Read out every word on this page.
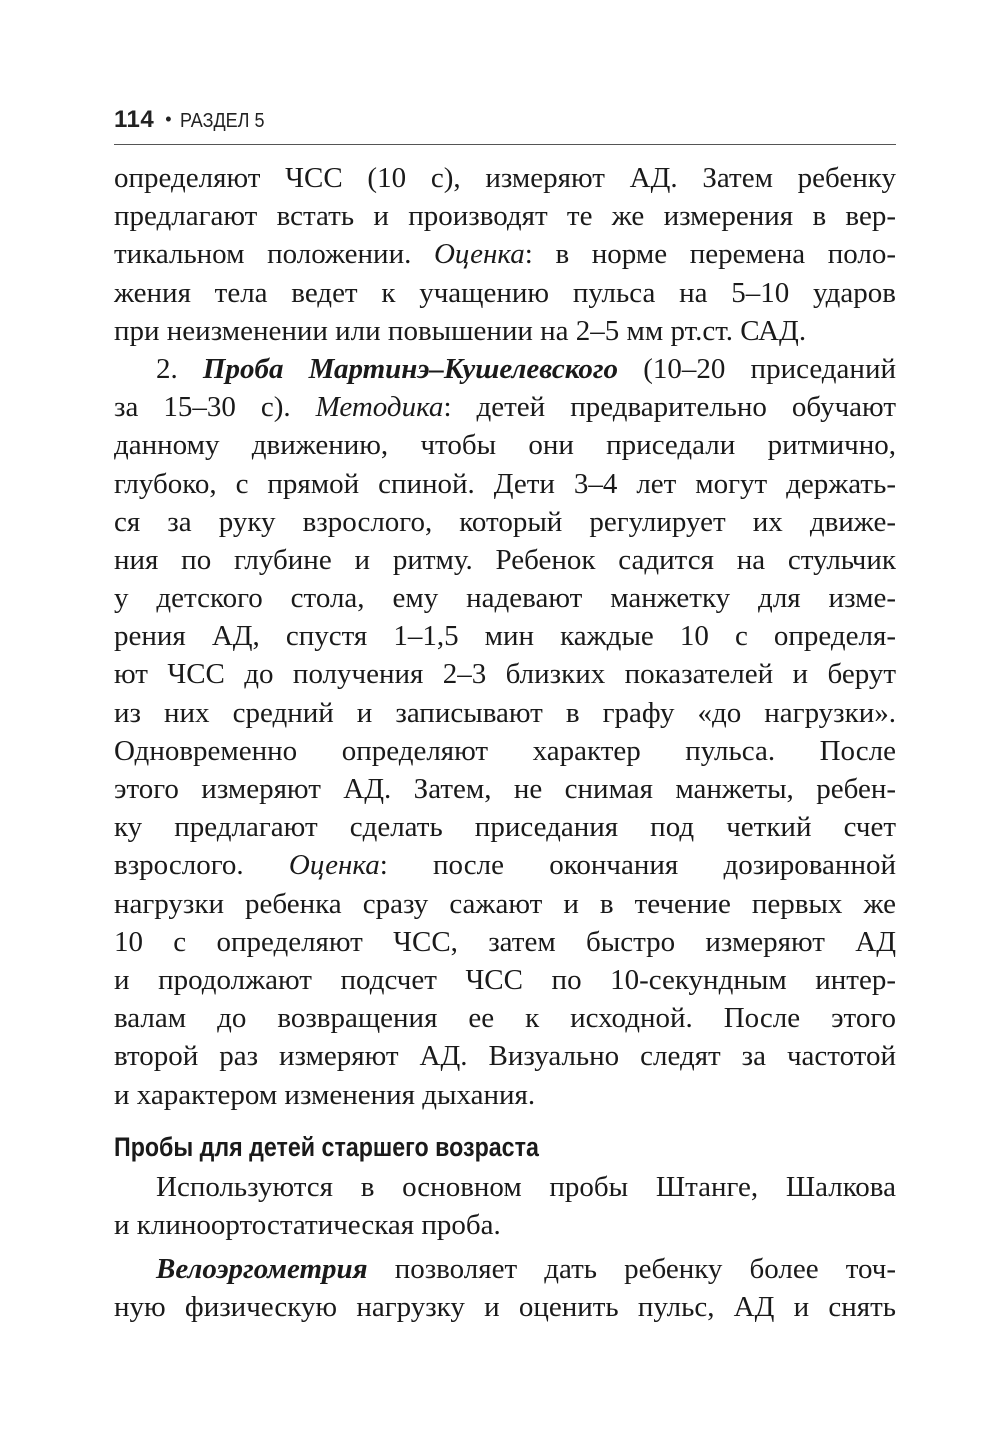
114 • РАЗДЕЛ 5
определяют ЧСС (10 с), измеряют АД. Затем ребенку
предлагают встать и производят те же измерения в вер-
тикальном положении. Оценка: в норме перемена поло-
жения тела ведет к учащению пульса на 5–10 ударов
при неизменении или повышении на 2–5 мм рт.ст. САД.
2. Проба Мартинэ–Кушелевского (10–20 приседаний
за 15–30 с). Методика: детей предварительно обучают
данному движению, чтобы они приседали ритмично,
глубоко, с прямой спиной. Дети 3–4 лет могут держать-
ся за руку взрослого, который регулирует их движе-
ния по глубине и ритму. Ребенок садится на стульчик
у детского стола, ему надевают манжетку для изме-
рения АД, спустя 1–1,5 мин каждые 10 с определя-
ют ЧСС до получения 2–3 близких показателей и берут
из них средний и записывают в графу «до нагрузки».
Одновременно определяют характер пульса. После
этого измеряют АД. Затем, не снимая манжеты, ребен-
ку предлагают сделать приседания под четкий счет
взрослого. Оценка: после окончания дозированной
нагрузки ребенка сразу сажают и в течение первых же
10 с определяют ЧСС, затем быстро измеряют АД
и продолжают подсчет ЧСС по 10-секундным интер-
валам до возвращения ее к исходной. После этого
второй раз измеряют АД. Визуально следят за частотой
и характером изменения дыхания.
Пробы для детей старшего возраста
Используются в основном пробы Штанге, Шалкова
и клиноортостатическая проба.
Велоэргометрия позволяет дать ребенку более точ-
ную физическую нагрузку и оценить пульс, АД и снять
